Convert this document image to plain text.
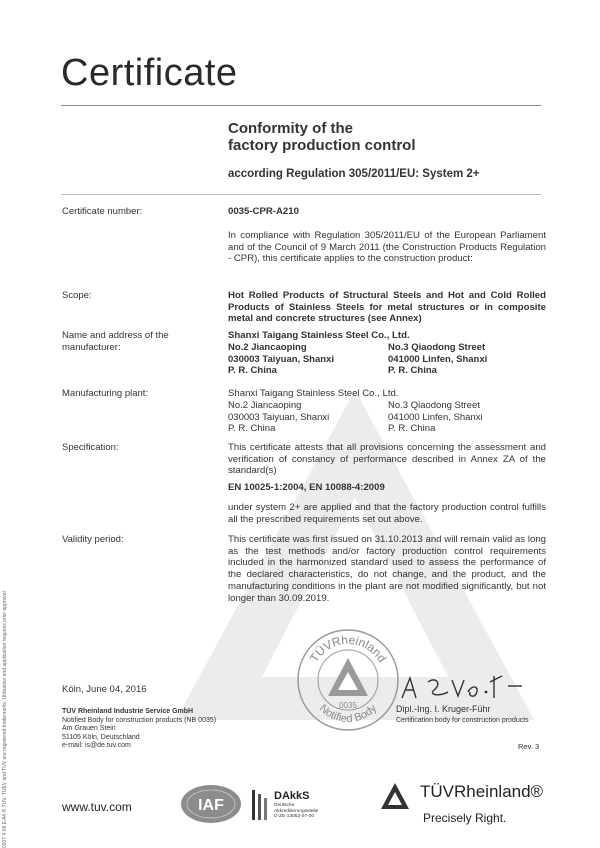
Certificate
Conformity of the
factory production control
according Regulation 305/2011/EU: System 2+
Certificate number:	0035-CPR-A210
In compliance with Regulation 305/2011/EU of the European Parliament and of the Council of 9 March 2011 (the Construction Products Regulation - CPR), this certificate applies to the construction product:
Scope:	Hot Rolled Products of Structural Steels and Hot and Cold Rolled Products of Stainless Steels for metal structures or in composite metal and concrete structures (see Annex)
Name and address of the manufacturer:
Shanxi Taigang Stainless Steel Co., Ltd.
No.2 Jiancaoping
030003 Taiyuan, Shanxi
P. R. China
No.3 Qiaodong Street
041000 Linfen, Shanxi
P. R. China
Manufacturing plant:	Shanxi Taigang Stainless Steel Co., Ltd.
No.2 Jiancaoping
030003 Taiyuan, Shanxi
P. R. China
No.3 Qiaodong Street
041000 Linfen, Shanxi
P. R. China
Specification:	This certificate attests that all provisions concerning the assessment and verification of constancy of performance described in Annex ZA of the standard(s)
EN 10025-1:2004, EN 10088-4:2009
under system 2+ are applied and that the factory production control fulfills all the prescribed requirements set out above.
Validity period:	This certificate was first issued on 31.10.2013 and will remain valid as long as the test methods and/or factory production control requirements included in the harmonized standard used to assess the performance of the declared characteristics, do not change, and the product, and the manufacturing conditions in the plant are not modified significantly, but not longer than 30.09.2019.
0207 4.08 E A4 ® TÜV, TUEV and TUV are registered trademarks. Utilisation and application requires prior approval.	Köln, June 04, 2016
TÜV Rheinland Industrie Service GmbH
Notified Body for construction products (NB 0035)
Am Grauen Stein
51105 Köln, Deutschland
e-mail: is@de.tuv.com
TÜVRheinland
Notified Body
0035	Dipl.-Ing. I. Kruger-Führ
Certification body for construction products
Rev. 3
www.tuv.com	IAF
DAkkS
Deutsche
Akkreditierungsstelle
D-ZE-13052-07-00
TÜVRheinland®
Precisely Right.
